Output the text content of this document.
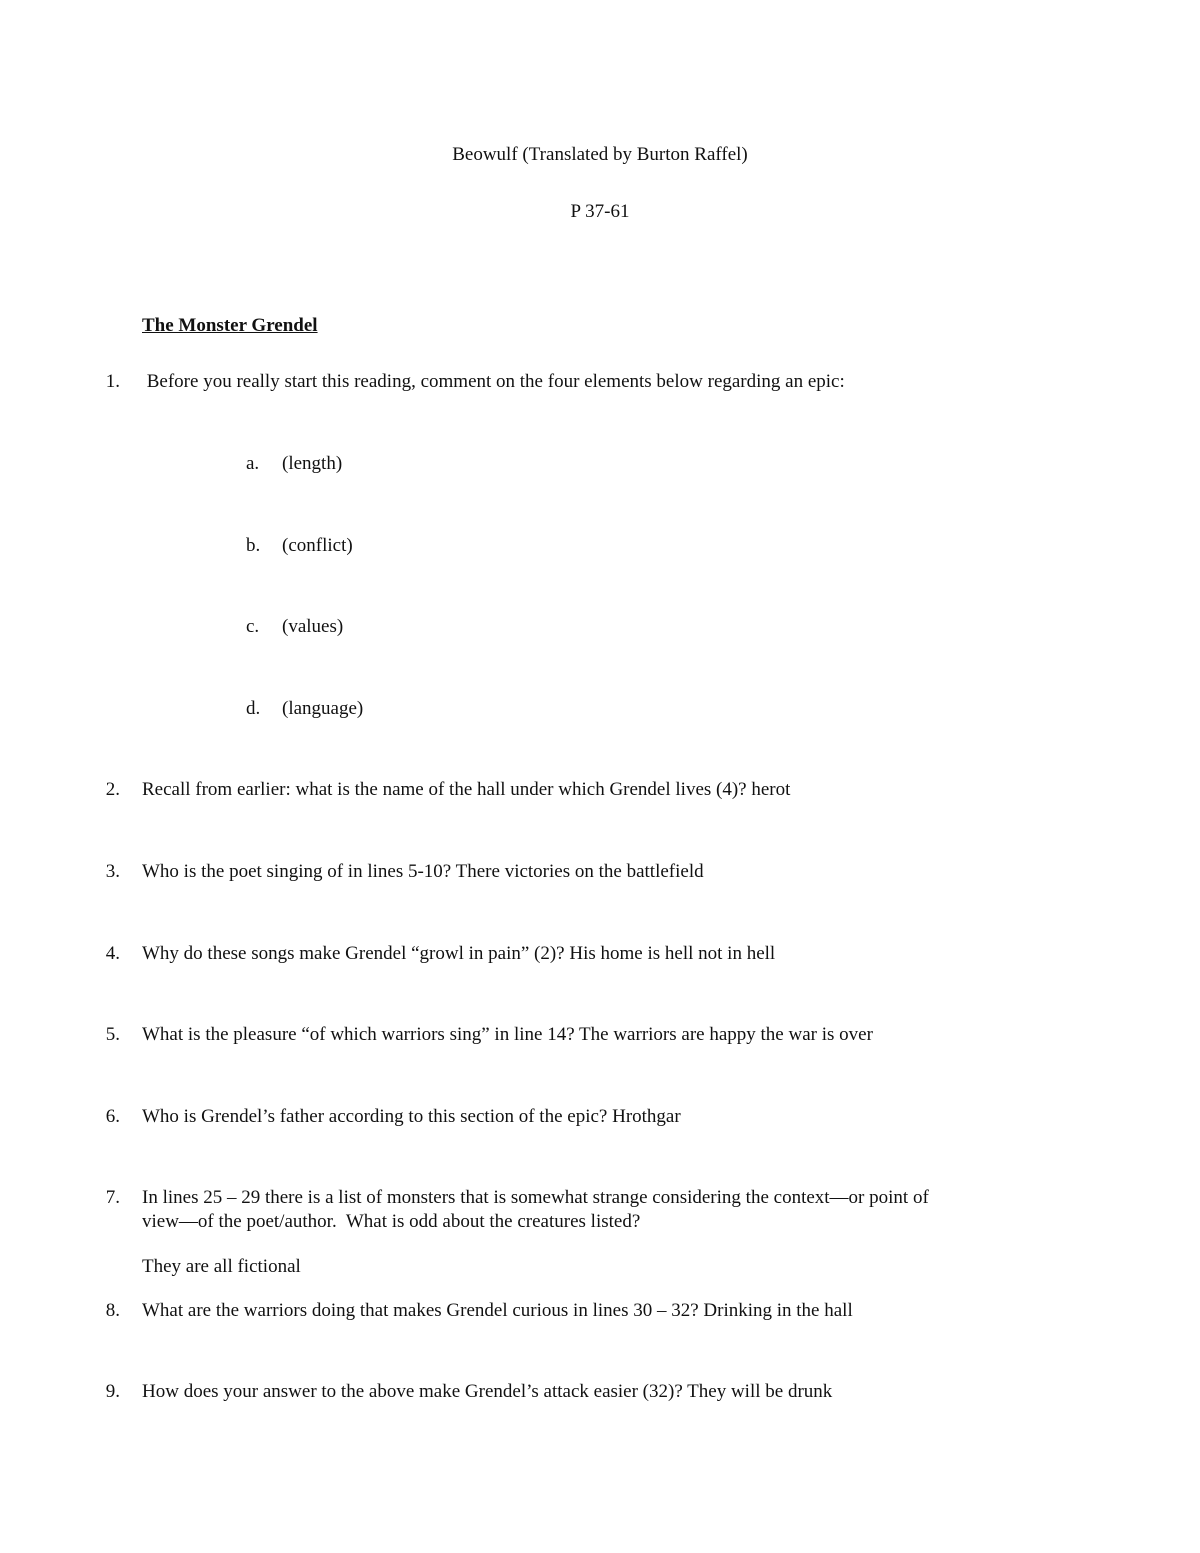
Beowulf (Translated by Burton Raffel)
P 37-61
The Monster Grendel
1. Before you really start this reading, comment on the four elements below regarding an epic:
a. (length)
b. (conflict)
c. (values)
d. (language)
2. Recall from earlier: what is the name of the hall under which Grendel lives (4)? herot
3. Who is the poet singing of in lines 5-10? There victories on the battlefield
4. Why do these songs make Grendel “growl in pain” (2)? His home is hell not in hell
5. What is the pleasure “of which warriors sing” in line 14? The warriors are happy the war is over
6. Who is Grendel’s father according to this section of the epic? Hrothgar
7. In lines 25 – 29 there is a list of monsters that is somewhat strange considering the context—or point of
view—of the poet/author.  What is odd about the creatures listed?
They are all fictional
8. What are the warriors doing that makes Grendel curious in lines 30 – 32? Drinking in the hall
9. How does your answer to the above make Grendel’s attack easier (32)? They will be drunk
